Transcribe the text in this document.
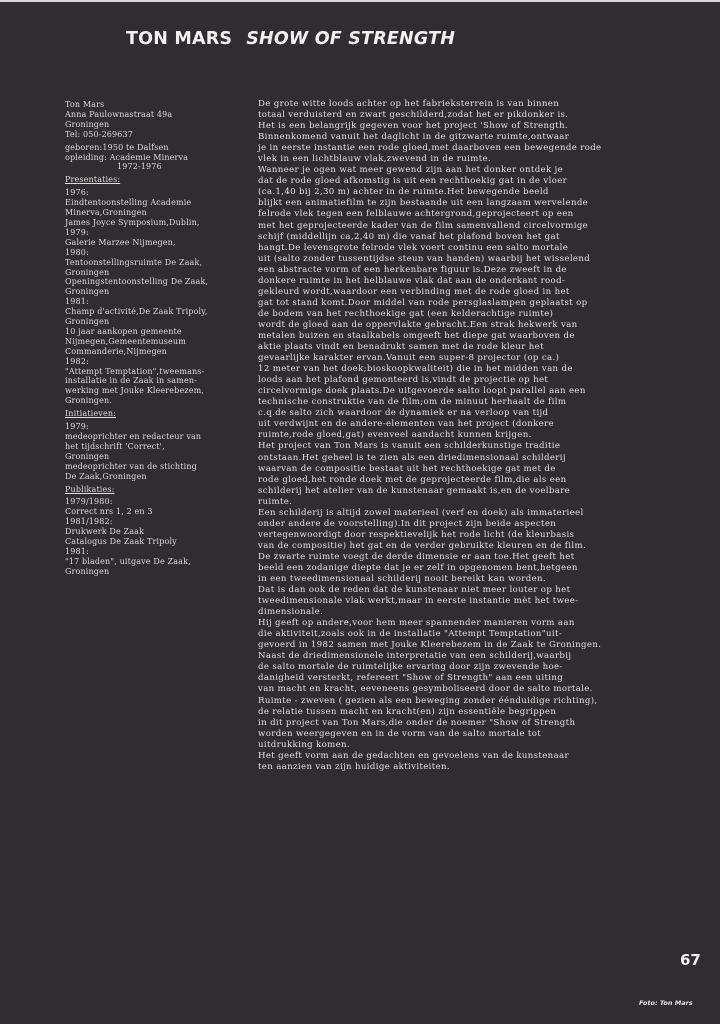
TON MARS SHOW OF STRENGTH
Ton Mars
Anna Paulownastraat 49a
Groningen
Tel: 050-269637
geboren:1950 te Dalfsen
opleiding: Academie Minerva
1972-1976
Presentaties:
1976:
Eindtentoonstelling Academie
Minerva,Groningen
James Joyce Symposium,Dublin,
1979:
Galerie Marzee Nijmegen,
1980:
Tentoonstellingsruimte De Zaak,
Groningen
Openingstentoonstelling De Zaak,
Groningen
1981:
Champ d'activité,De Zaak Tripoly,
Groningen
10 jaar aankopen gemeente
Nijmegen,Gemeentemuseum
Commanderie,Nijmegen
1982:
"Attempt Temptation",tweemans-
installatie in de Zaak in samen-
werking met Jouke Kleerebezem,
Groningen.
Initiatieven:
1979:
medeoprichter en redacteur van
het tijdschrift 'Correct',
Groningen
medeoprichter van de stichting
De Zaak,Groningen
Publikaties:
1979/1980:
Correct nrs 1, 2 en 3
1981/1982:
Drukwerk De Zaak
Catalogus De Zaak Tripoly
1981:
"17 bladen", uitgave De Zaak,
Groningen
De grote witte loods achter op het fabrieksterrein is van binnen
totaal verduisterd en zwart geschilderd,zodat het er pikdonker is.
Het is een belangrijk gegeven voor het project 'Show of Strength.
Binnenkomend vanuit het daglicht in de gitzwarte ruimte,ontwaar
je in eerste instantie een rode gloed,met daarboven een bewegende rode
vlek in een lichtblauw vlak,zwevend in de ruimte.
Wanneer je ogen wat meer gewend zijn aan het donker ontdek je
dat de rode gloed afkomstig is uit een rechthoekig gat in de vloer
(ca.1,40 bij 2,30 m) achter in de ruimte.Het bewegende beeld
blijkt een animatiefilm te zijn bestaande uit een langzaam wervelende
felrode vlek tegen een felblauwe achtergrond,geprojecteert op een
met het geprojecteerde kader van de film samenvallend circelvormige
schijf (middellijn ca,2,40 m) die vanaf het plafond boven het gat
hangt.De levensgrote felrode vlek voert continu een salto mortale
uit (salto zonder tussentijdse steun van handen) waarbij het wisselend
een abstracte vorm of een herkenbare figuur is.Deze zweeft in de
donkere ruimte in het helblauwe vlak dat aan de onderkant rood-
gekleurd wordt,waardoor een verbinding met de rode gloed in het
gat tot stand komt.Door middel van rode persglaslampen geplaatst op
de bodem van het rechthoekige gat (een kelderachtige ruimte)
wordt de gloed aan de oppervlakte gebracht.Een strak hekwerk van
metalen buizen en staalkabels omgeeft het diepe gat waarboven de
aktie plaats vindt en benadrukt samen met de rode kleur het
gevaarlijke karakter ervan.Vanuit een super-8 projector (op ca.)
12 meter van het doek;bioskoopkwaliteit) die in het midden van de
loods aan het plafond gemonteerd is,vindt de projectie op het
circelvormige doek plaats.De uitgevoerde salto loopt parallel aan een
technische construktie van de film;om de minuut herhaalt de film
c.q.de salto zich waardoor de dynamiek er na verloop van tijd
uit verdwijnt en de andere-elementen van het project (donkere
ruimte,rode gloed,gat) evenveel aandacht kunnen krijgen.
Het project van Ton Mars is vanuit een schilderkunstige traditie
ontstaan.Het geheel is te zien als een driedimensionaal schilderij
waarvan de compositie bestaat uit het rechthoekige gat met de
rode gloed,het ronde doek met de geprojecteerde film,die als een
schilderij het atelier van de kunstenaar gemaakt is,en de voelbare
ruimte.
Een schilderij is altijd zowel materieel (verf en doek) als immaterieel
onder andere de voorstelling).In dit project zijn beide aspecten
vertegenwoordigt door respektievelijk het rode licht (de kleurbasis
van de compositie) het gat en de verder gebruikte kleuren en de film.
De zwarte ruimte voegt de derde dimensie er aan toe.Het geeft het
beeld een zodanige diepte dat je er zelf in opgenomen bent,hetgeen
in een tweedimensionaal schilderij nooit bereikt kan worden.
Dat is dan ook de reden dat de kunstenaar niet meer louter op het
tweedimensionale vlak werkt,maar in eerste instantie mèt het twee-
dimensionale.
Hij geeft op andere,voor hem meer spannender manieren vorm aan
die aktiviteit,zoals ook in de installatie "Attempt Temptation"uit-
gevoerd in 1982 samen met Jouke Kleerebezem in de Zaak te Groningen.
Naast de driedimensionele interpretatie van een schilderij,waarbij
de salto mortale de ruimtelijke ervaring door zijn zwevende hoe-
danigheid versterkt, refereert "Show of Strength" aan een uiting
van macht en kracht, eeveneens gesymboliseerd door de salto mortale.
Ruimte - zweven ( gezien als een beweging zonder éénduidige richting),
de relatie tussen macht en kracht(en) zijn essentiële begrippen
in dit project van Ton Mars,die onder de noemer "Show of Strength
worden weergegeven en in de vorm van de salto mortale tot
uitdrukking komen.
Het geeft vorm aan de gedachten en gevoelens van de kunstenaar
ten aanzien van zijn huidige aktiviteiten.
67
Foto: Ton Mars
